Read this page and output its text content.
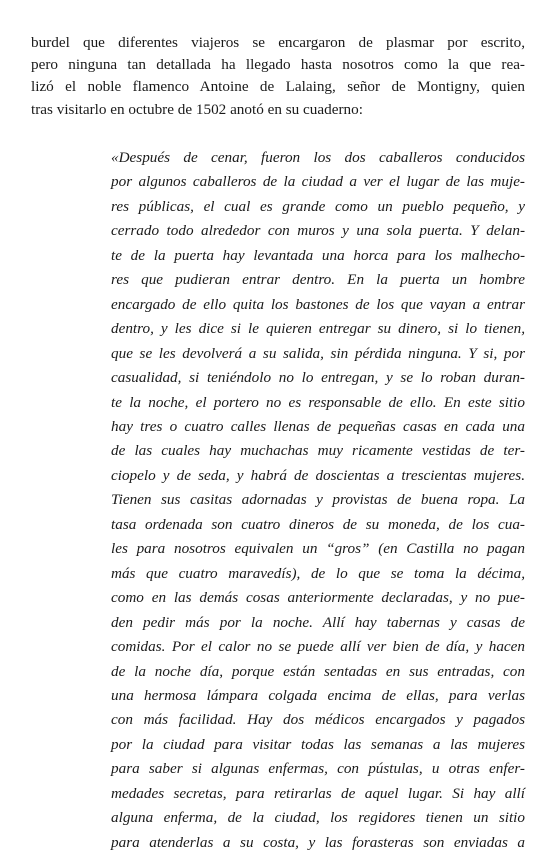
burdel que diferentes viajeros se encargaron de plasmar por escrito,
pero ninguna tan detallada ha llegado hasta nosotros como la que rea-
lizó el noble flamenco Antoine de Lalaing, señor de Montigny, quien
tras visitarlo en octubre de 1502 anotó en su cuaderno:
«Después de cenar, fueron los dos caballeros conducidos
por algunos caballeros de la ciudad a ver el lugar de las muje-
res públicas, el cual es grande como un pueblo pequeño, y
cerrado todo alrededor con muros y una sola puerta. Y delan-
te de la puerta hay levantada una horca para los malhecho-
res que pudieran entrar dentro. En la puerta un hombre
encargado de ello quita los bastones de los que vayan a entrar
dentro, y les dice si le quieren entregar su dinero, si lo tienen,
que se les devolverá a su salida, sin pérdida ninguna. Y si, por
casualidad, si teniéndolo no lo entregan, y se lo roban duran-
te la noche, el portero no es responsable de ello. En este sitio
hay tres o cuatro calles llenas de pequeñas casas en cada una
de las cuales hay muchachas muy ricamente vestidas de ter-
ciopelo y de seda, y habrá de doscientas a trescientas mujeres.
Tienen sus casitas adornadas y provistas de buena ropa. La
tasa ordenada son cuatro dineros de su moneda, de los cua-
les para nosotros equivalen un “gros” (en Castilla no pagan
más que cuatro maravedís), de lo que se toma la décima,
como en las demás cosas anteriormente declaradas, y no pue-
den pedir más por la noche. Allí hay tabernas y casas de
comidas. Por el calor no se puede allí ver bien de día, y hacen
de la noche día, porque están sentadas en sus entradas, con
una hermosa lámpara colgada encima de ellas, para verlas
con más facilidad. Hay dos médicos encargados y pagados
por la ciudad para visitar todas las semanas a las mujeres
para saber si algunas enfermas, con pústulas, u otras enfer-
medades secretas, para retirarlas de aquel lugar. Si hay allí
alguna enferma, de la ciudad, los regidores tienen un sitio
para atenderlas a su costa, y las forasteras son enviadas a
